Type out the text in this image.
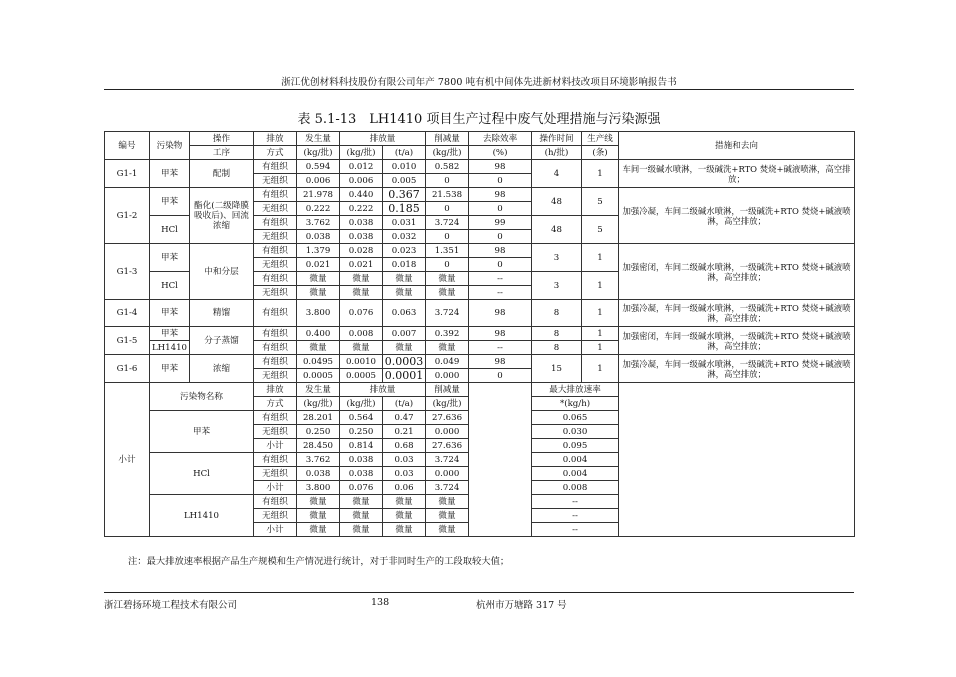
浙江优创材料科技股份有限公司年产 7800 吨有机中间体先进新材料技改项目环境影响报告书
表 5.1-13　LH1410 项目生产过程中废气处理措施与污染源强
编号	污染物	操作	排放	发生量	排放量		削减量	去除效率	操作时间	生产线	措施和去向
		工序	方式	(kg/批)	(kg/批)	(t/a)	(kg/批)	(%)	(h/批)	(条)	
G1-1	甲苯	配制	有组织	0.594	0.012	0.010	0.582	98	4	1	车间一级碱水喷淋，一级碱洗+RTO 焚烧+碱液喷淋，高空排放；
			无组织	0.006	0.006	0.005	0	0			
G1-2	甲苯	酯化(二级降膜吸收后)、回流浓缩	有组织	21.978	0.440	0.367	21.538	98	48	5	加强冷凝，车间二级碱水喷淋，一级碱洗+RTO 焚烧+碱液喷淋，高空排放；
			无组织	0.222	0.222	0.185	0	0			
	HCl		有组织	3.762	0.038	0.031	3.724	99	48	5	
			无组织	0.038	0.038	0.032	0	0			
G1-3	甲苯	中和分层	有组织	1.379	0.028	0.023	1.351	98	3	1	加强密闭，车间二级碱水喷淋，一级碱洗+RTO 焚烧+碱液喷淋，高空排放；
			无组织	0.021	0.021	0.018	0	0			
	HCl		有组织	微量	微量	微量	微量	--	3	1	
			无组织	微量	微量	微量	微量	--			
G1-4	甲苯	精馏	有组织	3.800	0.076	0.063	3.724	98	8	1	加强冷凝，车间一级碱水喷淋，一级碱洗+RTO 焚烧+碱液喷淋，高空排放；
G1-5	甲苯	分子蒸馏	有组织	0.400	0.008	0.007	0.392	98	8	1	加强密闭，车间一级碱水喷淋，一级碱洗+RTO 焚烧+碱液喷淋，高空排放；
	LH1410		有组织	微量	微量	微量	微量	--	8	1	
G1-6	甲苯	浓缩	有组织	0.0495	0.0010	0.0003	0.049	98	15	1	加强冷凝，车间一级碱水喷淋，一级碱洗+RTO 焚烧+碱液喷淋，高空排放；
			无组织	0.0005	0.0005	0.0001	0.000	0			
小计	污染物名称		排放	发生量	排放量		削减量		最大排放速率		
			方式	(kg/批)	(kg/批)	(t/a)	(kg/批)		*(kg/h)		
	甲苯		有组织	28.201	0.564	0.47	27.636		0.065		
			无组织	0.250	0.250	0.21	0.000		0.030		
			小计	28.450	0.814	0.68	27.636		0.095		
	HCl		有组织	3.762	0.038	0.03	3.724		0.004		
			无组织	0.038	0.038	0.03	0.000		0.004		
			小计	3.800	0.076	0.06	3.724		0.008		
	LH1410		有组织	微量	微量	微量	微量		--		
			无组织	微量	微量	微量	微量		--		
			小计	微量	微量	微量	微量		--		
注：最大排放速率根据产品生产规模和生产情况进行统计，对于非同时生产的工段取较大值；
浙江碧扬环境工程技术有限公司	138	杭州市万塘路 317 号
